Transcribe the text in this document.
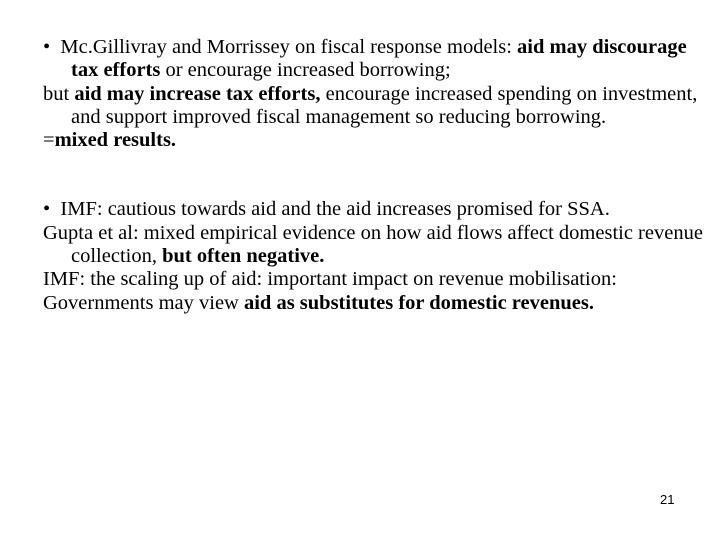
•  Mc.Gillivray and Morrissey on fiscal response models: aid may discourage tax efforts or encourage increased borrowing;

but aid may increase tax efforts, encourage increased spending on investment, and support improved fiscal management so reducing borrowing.

=mixed results.

•  IMF: cautious towards aid and the aid increases promised for SSA.

Gupta et al: mixed empirical evidence on how aid flows affect domestic revenue collection, but often negative.

IMF: the scaling up of aid: important impact on revenue mobilisation:

Governments may view aid as substitutes for domestic revenues.

21
